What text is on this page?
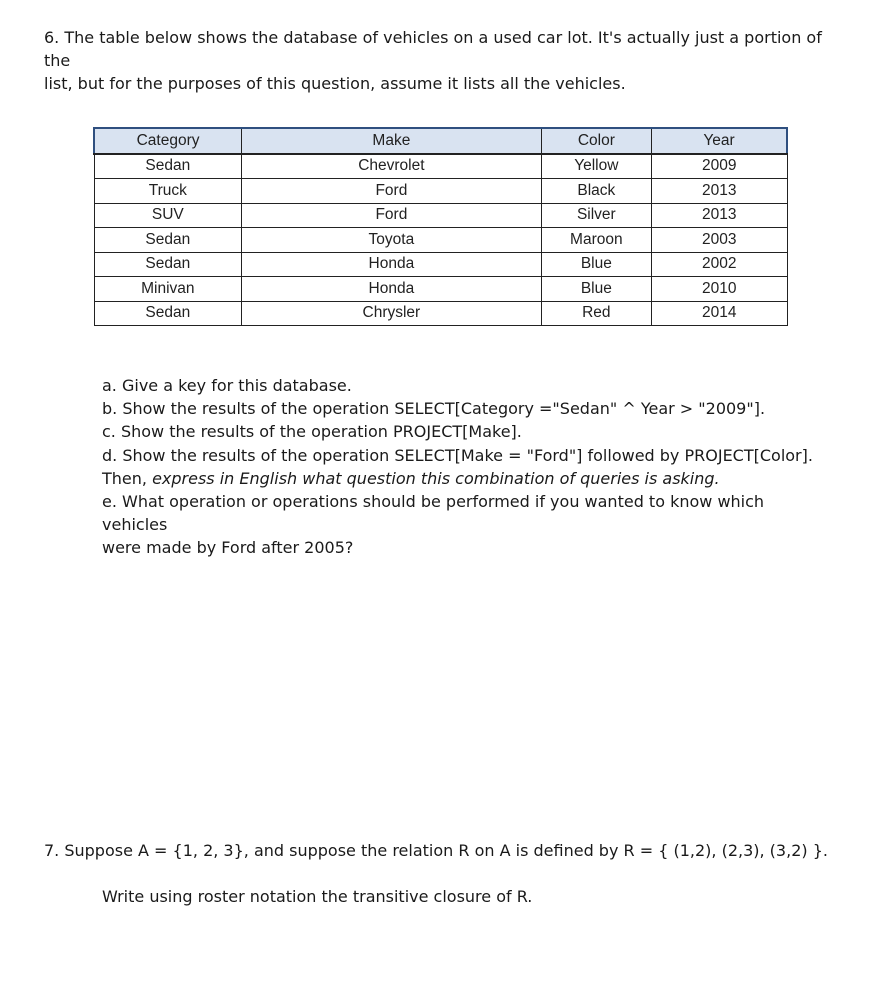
6. The table below shows the database of vehicles on a used car lot. It's actually just a portion of the

list, but for the purposes of this question, assume it lists all the vehicles.

Category	Make	Color	Year
Sedan	Chevrolet	Yellow	2009
Truck	Ford	Black	2013
SUV	Ford	Silver	2013
Sedan	Toyota	Maroon	2003
Sedan	Honda	Blue	2002
Minivan	Honda	Blue	2010
Sedan	Chrysler	Red	2014

a. Give a key for this database.

b. Show the results of the operation SELECT[Category ="Sedan" ^ Year > "2009"].

c. Show the results of the operation PROJECT[Make].

d. Show the results of the operation SELECT[Make = "Ford"] followed by PROJECT[Color].

Then, express in English what question this combination of queries is asking.

e. What operation or operations should be performed if you wanted to know which vehicles

were made by Ford after 2005?

7. Suppose A = {1, 2, 3}, and suppose the relation R on A is defined by R = { (1,2), (2,3), (3,2) }.

Write using roster notation the transitive closure of R.
